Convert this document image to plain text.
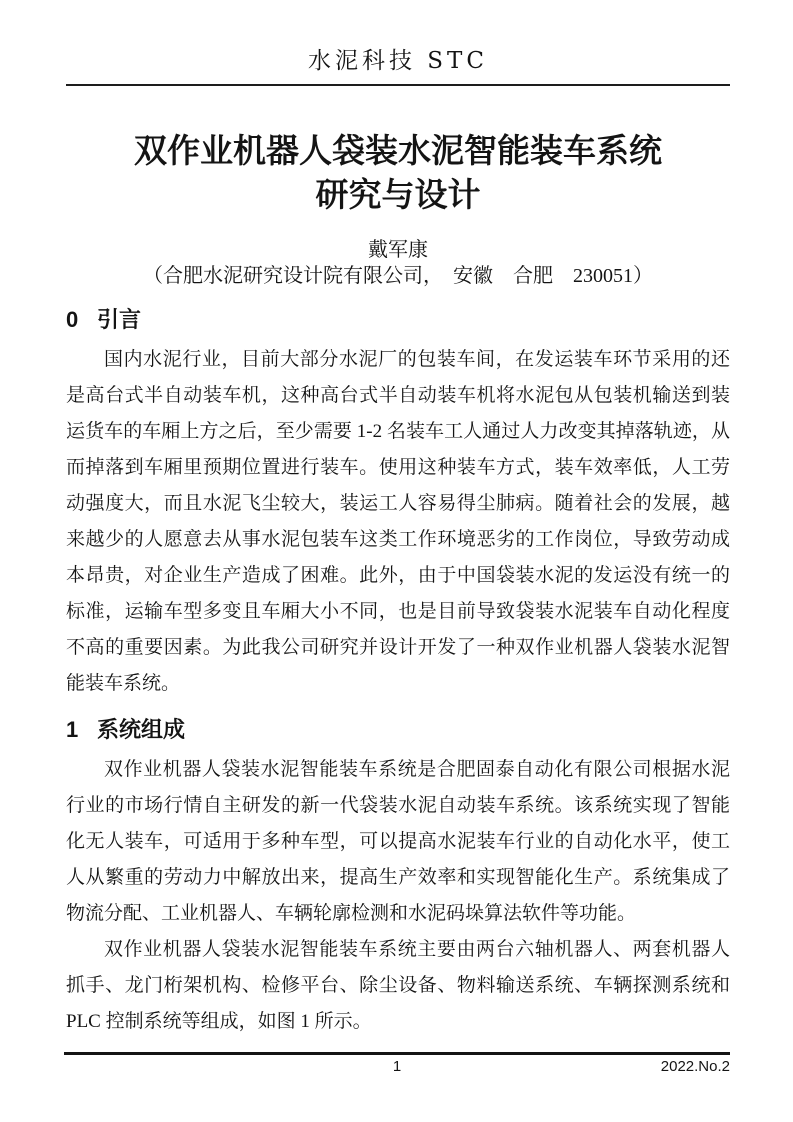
水泥科技 STC
双作业机器人袋装水泥智能装车系统
研究与设计
戴军康
（合肥水泥研究设计院有限公司，　安徽　合肥　230051）
0 引言

国内水泥行业，目前大部分水泥厂的包装车间，在发运装车环节采用的还是高台式半自动装车机，这种高台式半自动装车机将水泥包从包装机输送到装运货车的车厢上方之后，至少需要 1-2 名装车工人通过人力改变其掉落轨迹，从而掉落到车厢里预期位置进行装车。使用这种装车方式，装车效率低，人工劳动强度大，而且水泥飞尘较大，装运工人容易得尘肺病。随着社会的发展，越来越少的人愿意去从事水泥包装车这类工作环境恶劣的工作岗位，导致劳动成本昂贵，对企业生产造成了困难。此外，由于中国袋装水泥的发运没有统一的标准，运输车型多变且车厢大小不同，也是目前导致袋装水泥装车自动化程度不高的重要因素。为此我公司研究并设计开发了一种双作业机器人袋装水泥智能装车系统。

1 系统组成

双作业机器人袋装水泥智能装车系统是合肥固泰自动化有限公司根据水泥行业的市场行情自主研发的新一代袋装水泥自动装车系统。该系统实现了智能化无人装车，可适用于多种车型，可以提高水泥装车行业的自动化水平，使工人从繁重的劳动力中解放出来，提高生产效率和实现智能化生产。系统集成了物流分配、工业机器人、车辆轮廓检测和水泥码垛算法软件等功能。

双作业机器人袋装水泥智能装车系统主要由两台六轴机器人、两套机器人抓手、龙门桁架机构、检修平台、除尘设备、物料输送系统、车辆探测系统和 PLC 控制系统等组成，如图 1 所示。

1	2022.No.2
